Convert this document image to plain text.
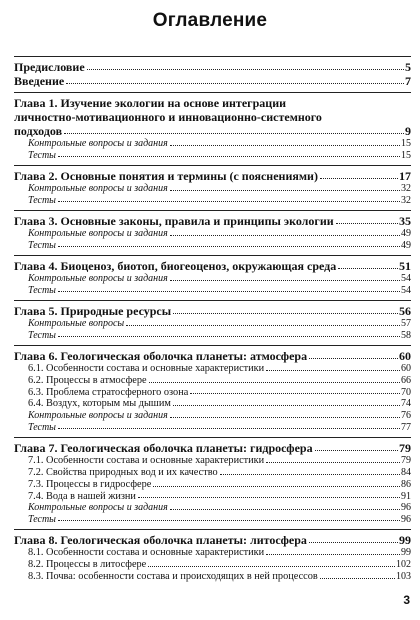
Оглавление
Предисловие	5
Введение	7
Глава 1. Изучение экологии на основе интеграции
личностно-мотивационного и инновационно-системного
подходов	9
Контрольные вопросы и задания	15
Тесты	15
Глава 2. Основные понятия и термины (с пояснениями)	17
Контрольные вопросы и задания	32
Тесты	32
Глава 3. Основные законы, правила и принципы экологии	35
Контрольные вопросы и задания	49
Тесты	49
Глава 4. Биоценоз, биотоп, биогеоценоз, окружающая среда	51
Контрольные вопросы и задания	54
Тесты	54
Глава 5. Природные ресурсы	56
Контрольные вопросы	57
Тесты	58
Глава 6. Геологическая оболочка планеты: атмосфера	60
6.1. Особенности состава и основные характеристики	60
6.2. Процессы в атмосфере	66
6.3. Проблема стратосферного озона	70
6.4. Воздух, которым мы дышим	74
Контрольные вопросы и задания	76
Тесты	77
Глава 7. Геологическая оболочка планеты: гидросфера	79
7.1. Особенности состава и основные характеристики	79
7.2. Свойства природных вод и их качество	84
7.3. Процессы в гидросфере	86
7.4. Вода в нашей жизни	91
Контрольные вопросы и задания	96
Тесты	96
Глава 8. Геологическая оболочка планеты: литосфера	99
8.1. Особенности состава и основные характеристики	99
8.2. Процессы в литосфере	102
8.3. Почва: особенности состава и происходящих в ней процессов	103
3
